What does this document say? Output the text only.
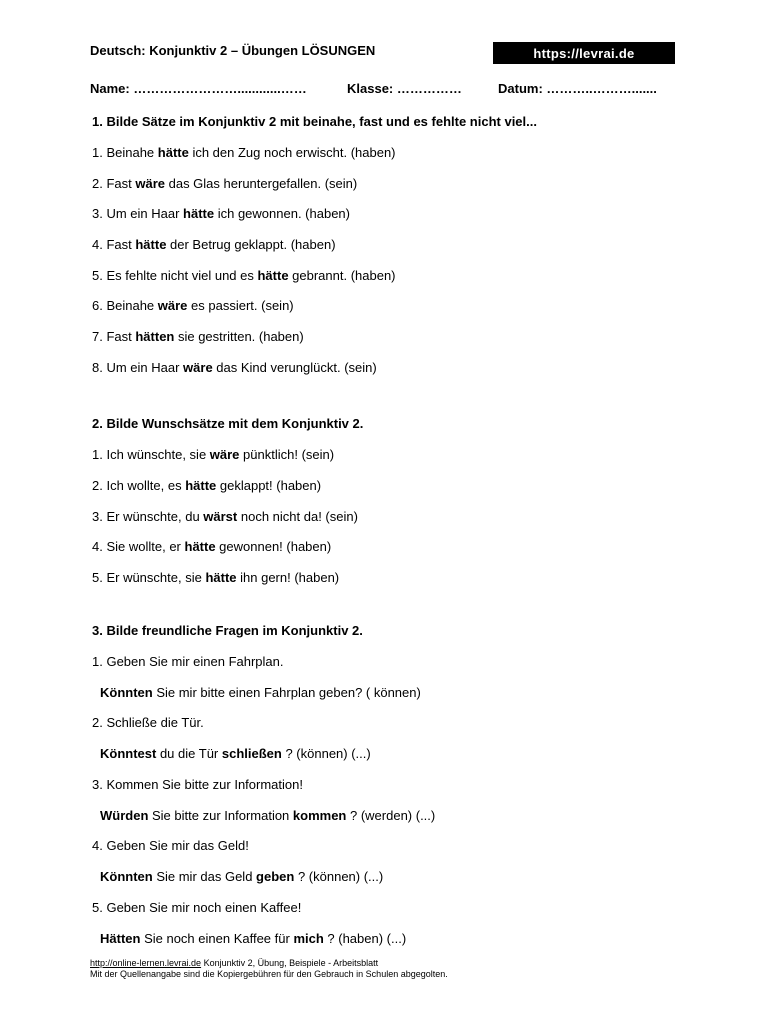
Deutsch: Konjunktiv 2 – Übungen LÖSUNGEN	https://levrai.de
Name: ……………………............……	Klasse: ……………	Datum: ………..……….......
1. Bilde Sätze im Konjunktiv 2 mit beinahe, fast und es fehlte nicht viel...
1. Beinahe hätte ich den Zug noch erwischt. (haben)
2. Fast wäre das Glas heruntergefallen. (sein)
3. Um ein Haar hätte ich gewonnen. (haben)
4. Fast hätte der Betrug geklappt. (haben)
5. Es fehlte nicht viel und es hätte gebrannt. (haben)
6. Beinahe wäre es passiert. (sein)
7. Fast hätten sie gestritten. (haben)
8. Um ein Haar wäre das Kind verunglückt. (sein)
2. Bilde Wunschsätze mit dem Konjunktiv 2.
1. Ich wünschte, sie wäre pünktlich! (sein)
2. Ich wollte, es hätte geklappt! (haben)
3. Er wünschte, du wärst noch nicht da! (sein)
4. Sie wollte, er hätte gewonnen! (haben)
5. Er wünschte, sie hätte ihn gern! (haben)
3. Bilde freundliche Fragen im Konjunktiv 2.
1. Geben Sie mir einen Fahrplan.
Könnten Sie mir bitte einen Fahrplan geben? ( können)
2. Schließe die Tür.
Könntest du die Tür schließen ? (können) (...)
3. Kommen Sie bitte zur Information!
Würden Sie bitte zur Information kommen ? (werden) (...)
4. Geben Sie mir das Geld!
Könnten Sie mir das Geld geben ? (können) (...)
5. Geben Sie mir noch einen Kaffee!
Hätten Sie noch einen Kaffee für mich ? (haben) (...)
http://online-lernen.levrai.de Konjunktiv 2, Übung, Beispiele - Arbeitsblatt
Mit der Quellenangabe sind die Kopiergebühren für den Gebrauch in Schulen abgegolten.
